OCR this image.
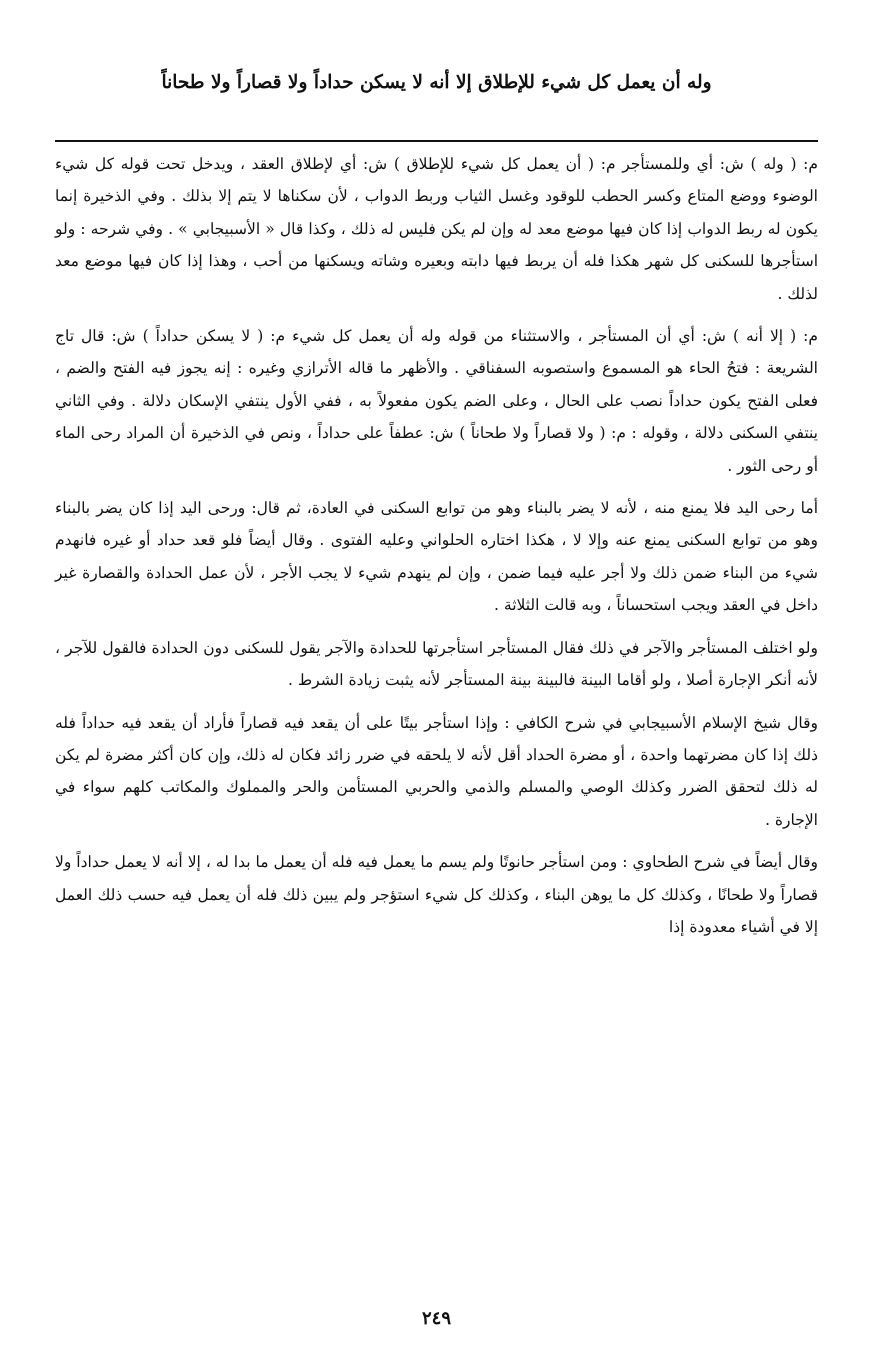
وله أن يعمل كل شيء للإطلاق إلا أنه لا يسكن حداداً ولا قصاراً ولا طحاناً

م: ( وله ) ش: أي وللمستأجر م: ( أن يعمل كل شيء للإطلاق ) ش: أي لإطلاق العقد ، ويدخل تحت قوله كل شيء الوضوء ووضع المتاع وكسر الحطب للوقود وغسل الثياب وربط الدواب ، لأن سكناها لا يتم إلا بذلك . وفي الذخيرة إنما يكون له ربط الدواب إذا كان فيها موضع معد له وإن لم يكن فليس له ذلك ، وكذا قال « الأسبيجابي » . وفي شرحه : ولو استأجرها للسكنى كل شهر هكذا فله أن يربط فيها دابته وبعيره وشاته ويسكنها من أحب ، وهذا إذا كان فيها موضع معد لذلك .

م: ( إلا أنه ) ش: أي أن المستأجر ، والاستثناء من قوله وله أن يعمل كل شيء م: ( لا يسكن حداداً ) ش: قال تاج الشريعة : فتحُ الحاء هو المسموع واستصوبه السفناقي . والأظهر ما قاله الأترازي وغيره : إنه يجوز فيه الفتح والضم ، فعلى الفتح يكون حداداً نصب على الحال ، وعلى الضم يكون مفعولاً به ، ففي الأول ينتفي الإسكان دلالة . وفي الثاني ينتفي السكنى دلالة ، وقوله : م: ( ولا قصاراً ولا طحاناً ) ش: عطفاً على حداداً ، ونص في الذخيرة أن المراد رحى الماء أو رحى الثور .

أما رحى اليد فلا يمنع منه ، لأنه لا يضر بالبناء وهو من توابع السكنى في العادة، ثم قال: ورحى اليد إذا كان يضر بالبناء وهو من توابع السكنى يمنع عنه وإلا لا ، هكذا اختاره الحلواني وعليه الفتوى . وقال أيضاً فلو قعد حداد أو غيره فانهدم شيء من البناء ضمن ذلك ولا أجر عليه فيما ضمن ، وإن لم ينهدم شيء لا يجب الأجر ، لأن عمل الحدادة والقصارة غير داخل في العقد ويجب استحساناً ، وبه قالت الثلاثة .

ولو اختلف المستأجر والآجر في ذلك فقال المستأجر استأجرتها للحدادة والآجر يقول للسكنى دون الحدادة فالقول للآجر ، لأنه أنكر الإجارة أصلا ، ولو أقاما البينة فالبينة بينة المستأجر لأنه يثبت زيادة الشرط .

وقال شيخ الإسلام الأسبيجابي في شرح الكافي : وإذا استأجر بيتًا على أن يقعد فيه قصاراً فأراد أن يقعد فيه حداداً فله ذلك إذا كان مضرتهما واحدة ، أو مضرة الحداد أقل لأنه لا يلحقه في ضرر زائد فكان له ذلك، وإن كان أكثر مضرة لم يكن له ذلك لتحقق الضرر وكذلك الوصي والمسلم والذمي والحربي المستأمن والحر والمملوك والمكاتب كلهم سواء في الإجارة .

وقال أيضاً في شرح الطحاوي : ومن استأجر حانوتًا ولم يسم ما يعمل فيه فله أن يعمل ما بدا له ، إلا أنه لا يعمل حداداً ولا قصاراً ولا طحانًا ، وكذلك كل ما يوهن البناء ، وكذلك كل شيء استؤجر ولم يبين ذلك فله أن يعمل فيه حسب ذلك العمل إلا في أشياء معدودة إذا

٢٤٩
